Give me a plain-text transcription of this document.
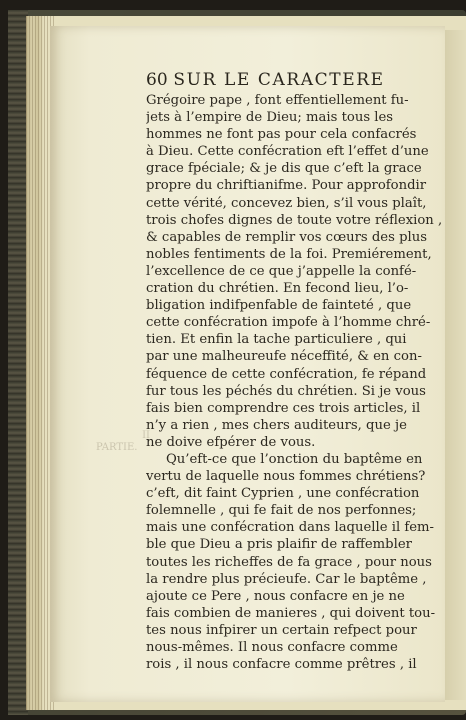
60 SUR LE CARACTERE
II
PARTIE.
Grégoire pape , font effentiellement fu-
jets à l’empire de Dieu; mais tous les
hommes ne font pas pour cela confacrés
à Dieu. Cette confécration eft l’effet d’une
grace fpéciale; & je dis que c’eft la grace
propre du chriftianifme. Pour approfondir
cette vérité, concevez bien, s’il vous plaît,
trois chofes dignes de toute votre réflexion ,
& capables de remplir vos cœurs des plus
nobles fentiments de la foi. Premiérement,
l’excellence de ce que j’appelle la confé-
cration du chrétien. En fecond lieu, l’o-
bligation indifpenfable de fainteté , que
cette confécration impofe à l’homme chré-
tien. Et enfin la tache particuliere , qui
par une malheureufe néceffité, & en con-
féquence de cette confécration, fe répand
fur tous les péchés du chrétien. Si je vous
fais bien comprendre ces trois articles, il
n’y a rien , mes chers auditeurs, que je
ne doive efpérer de vous.
Qu’eft-ce que l’onction du baptême en
vertu de laquelle nous fommes chrétiens?
c’eft, dit faint Cyprien , une confécration
folemnelle , qui fe fait de nos perfonnes;
mais une confécration dans laquelle il fem-
ble que Dieu a pris plaifir de raffembler
toutes les richeffes de fa grace , pour nous
la rendre plus précieufe. Car le baptême ,
ajoute ce Pere , nous confacre en je ne
fais combien de manieres , qui doivent tou-
tes nous infpirer un certain refpect pour
nous-mêmes. Il nous confacre comme
rois , il nous confacre comme prêtres , il
